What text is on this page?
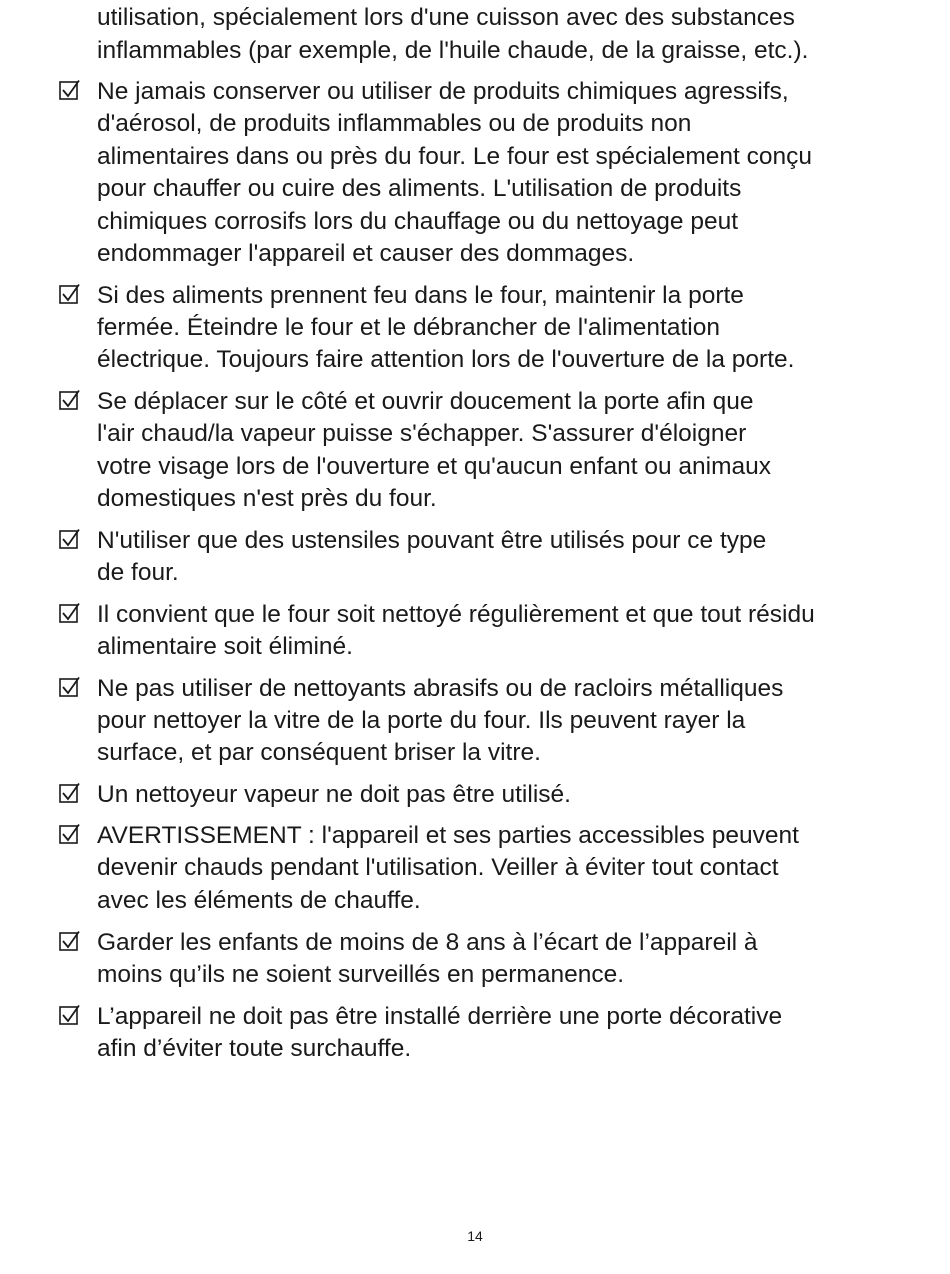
utilisation, spécialement lors d'une cuisson avec des substances
inflammables (par exemple, de l'huile chaude, de la graisse, etc.).
Ne jamais conserver ou utiliser de produits chimiques agressifs,
d'aérosol, de produits inflammables ou de produits non
alimentaires dans ou près du four. Le four est spécialement conçu
pour chauffer ou cuire des aliments. L'utilisation de produits
chimiques corrosifs lors du chauffage ou du nettoyage peut
endommager l'appareil et causer des dommages.
Si des aliments prennent feu dans le four, maintenir la porte
fermée. Éteindre le four et le débrancher de l'alimentation
électrique. Toujours faire attention lors de l'ouverture de la porte.
Se déplacer sur le côté et ouvrir doucement la porte afin que
l'air chaud/la vapeur puisse s'échapper. S'assurer d'éloigner
votre visage lors de l'ouverture et qu'aucun enfant ou animaux
domestiques n'est près du four.
N'utiliser que des ustensiles pouvant être utilisés pour ce type
de four.
Il convient que le four soit nettoyé régulièrement et que tout résidu
alimentaire soit éliminé.
Ne pas utiliser de nettoyants abrasifs ou de racloirs métalliques
pour nettoyer la vitre de la porte du four. Ils peuvent rayer la
surface, et par conséquent briser la vitre.
Un nettoyeur vapeur ne doit pas être utilisé.
AVERTISSEMENT : l'appareil et ses parties accessibles peuvent
devenir chauds pendant l'utilisation. Veiller à éviter tout contact
avec les éléments de chauffe.
Garder les enfants de moins de 8 ans à l’écart de l’appareil à
moins qu’ils ne soient surveillés en permanence.
L’appareil ne doit pas être installé derrière une porte décorative
afin d’éviter toute surchauffe.
14
